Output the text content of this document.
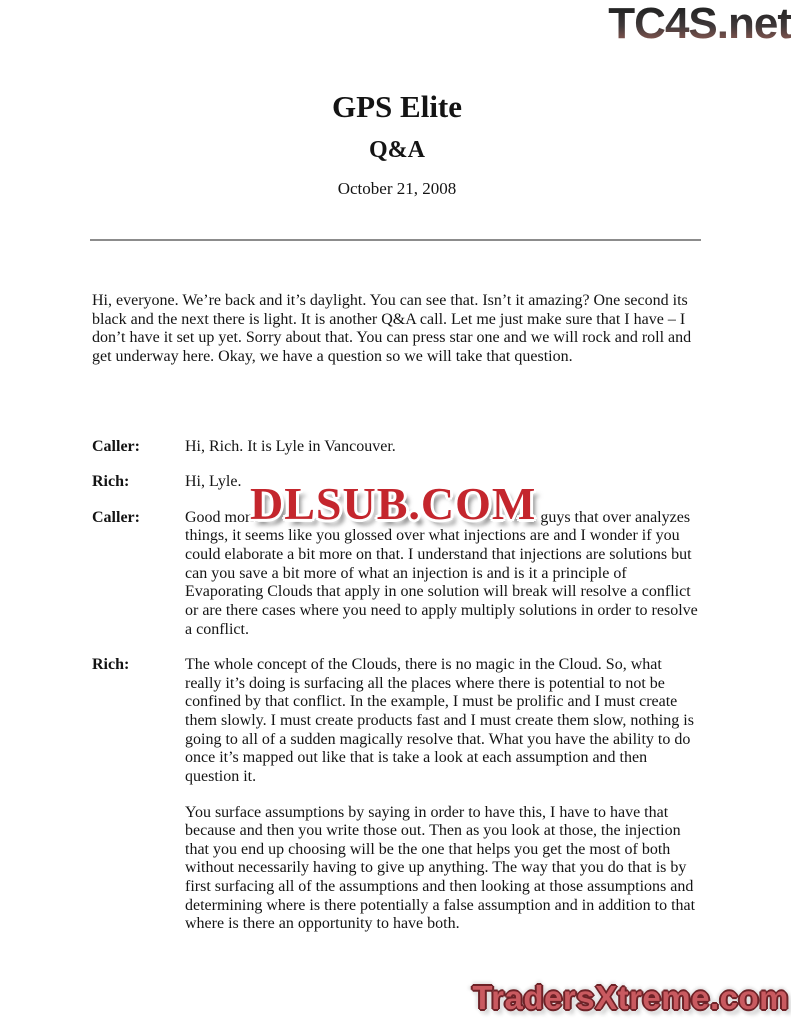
TC4S.net
GPS Elite
Q&A
October 21, 2008

Hi, everyone. We’re back and it’s daylight. You can see that. Isn’t it amazing? One second its black and the next there is light. It is another Q&A call. Let me just make sure that I have – I don’t have it set up yet. Sorry about that. You can press star one and we will rock and roll and get underway here. Okay, we have a question so we will take that question.

Caller:	Hi, Rich. It is Lyle in Vancouver.

Rich:	Hi, Lyle.

Caller:	Good morn	guys that over analyzes things, it seems like you glossed over what injections are and I wonder if you could elaborate a bit more on that. I understand that injections are solutions but can you save a bit more of what an injection is and is it a principle of Evaporating Clouds that apply in one solution will break will resolve a conflict or are there cases where you need to apply multiply solutions in order to resolve a conflict.

Rich:	The whole concept of the Clouds, there is no magic in the Cloud. So, what really it’s doing is surfacing all the places where there is potential to not be confined by that conflict. In the example, I must be prolific and I must create them slowly. I must create products fast and I must create them slow, nothing is going to all of a sudden magically resolve that. What you have the ability to do once it’s mapped out like that is take a look at each assumption and then question it.

You surface assumptions by saying in order to have this, I have to have that because and then you write those out. Then as you look at those, the injection that you end up choosing will be the one that helps you get the most of both without necessarily having to give up anything. The way that you do that is by first surfacing all of the assumptions and then looking at those assumptions and determining where is there potentially a false assumption and in addition to that where is there an opportunity to have both.

DLSUB.COM
TradersXtreme.com
